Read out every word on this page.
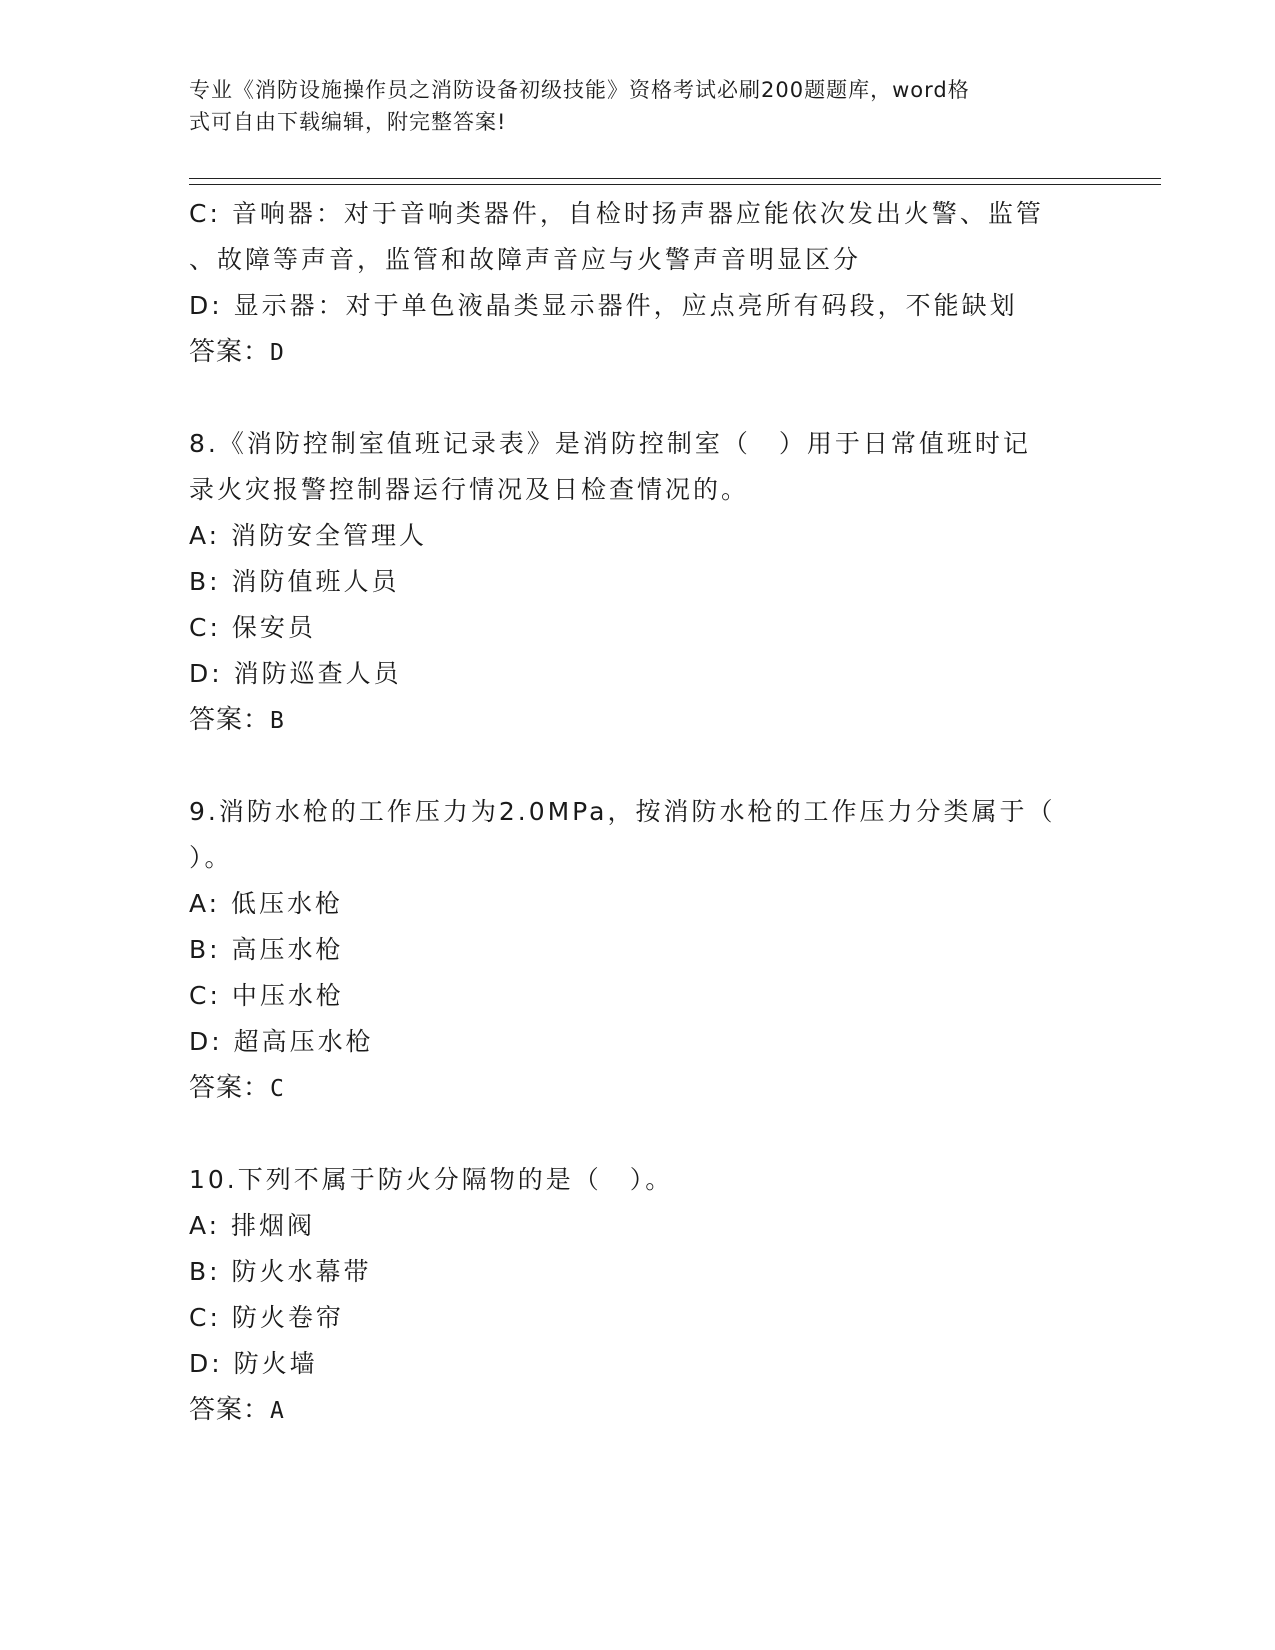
专业《消防设施操作员之消防设备初级技能》资格考试必刷200题题库，word格
式可自由下载编辑，附完整答案!
C: 音响器：对于音响类器件，自检时扬声器应能依次发出火警、监管
、故障等声音，监管和故障声音应与火警声音明显区分
D: 显示器：对于单色液晶类显示器件，应点亮所有码段，不能缺划
答案：D
8.《消防控制室值班记录表》是消防控制室（　）用于日常值班时记
录火灾报警控制器运行情况及日检查情况的。
A: 消防安全管理人
B: 消防值班人员
C: 保安员
D: 消防巡查人员
答案：B
9.消防水枪的工作压力为2.0MPa，按消防水枪的工作压力分类属于（
）。
A: 低压水枪
B: 高压水枪
C: 中压水枪
D: 超高压水枪
答案：C
10.下列不属于防火分隔物的是（　）。
A: 排烟阀
B: 防火水幕带
C: 防火卷帘
D: 防火墙
答案：A
